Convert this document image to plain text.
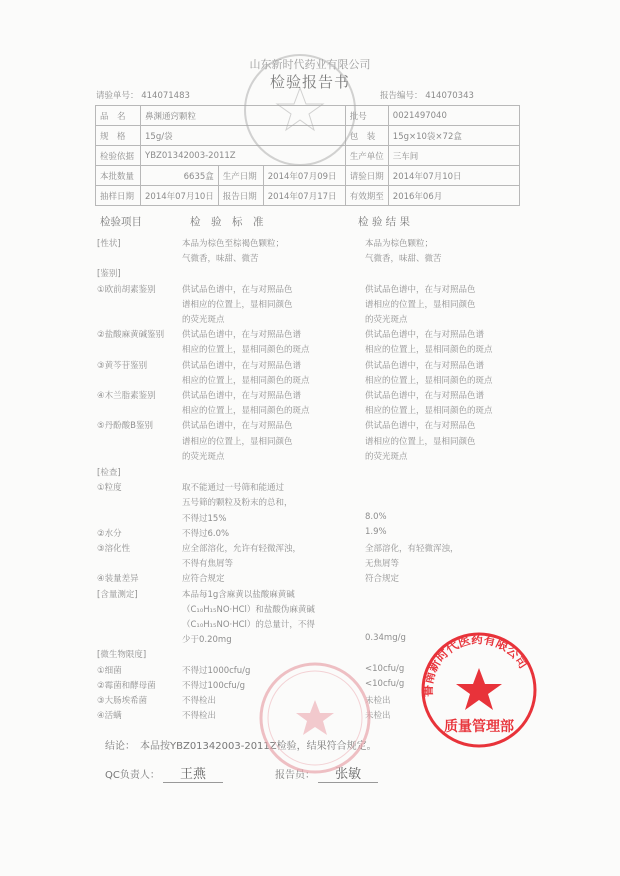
山东新时代药业有限公司
检验报告书
请验单号： 414071483	报告编号： 414070343
品　名	鼻渊通窍颗粒			批号	0021497040
规　格	15g/袋			包　装	15g×10袋×72盒
检验依据	YBZ01342003-2011Z			生产单位	三车间
本批数量	6635盒	生产日期	2014年07月09日	请验日期	2014年07月10日
抽样日期	2014年07月10日	报告日期	2014年07月17日	有效期至	2016年06月
检验项目	检　验　标　准	检 验 结 果
[性状]	本品为棕色至棕褐色颗粒；	本品为棕色颗粒；
气微香，味甜、微苦	气微香，味甜、微苦
[鉴别]
①欧前胡素鉴别	供试品色谱中，在与对照品色	供试品色谱中，在与对照品色
谱相应的位置上，显相同颜色	谱相应的位置上，显相同颜色
的荧光斑点	的荧光斑点
②盐酸麻黄碱鉴别 供试品色谱中，在与对照品色谱	供试品色谱中，在与对照品色谱
相应的位置上，显相同颜色的斑点	相应的位置上，显相同颜色的斑点
③黄芩苷鉴别	供试品色谱中，在与对照品色谱	供试品色谱中，在与对照品色谱
相应的位置上，显相同颜色的斑点	相应的位置上，显相同颜色的斑点
④木兰脂素鉴别	供试品色谱中，在与对照品色谱	供试品色谱中，在与对照品色谱
相应的位置上，显相同颜色的斑点	相应的位置上，显相同颜色的斑点
⑤丹酚酸B鉴别	供试品色谱中，在与对照品色	供试品色谱中，在与对照品色
谱相应的位置上，显相同颜色	谱相应的位置上，显相同颜色
的荧光斑点	的荧光斑点
[检查]
①粒度	取不能通过一号筛和能通过
五号筛的颗粒及粉末的总和，
不得过15%	8.0%
②水分	不得过6.0%	1.9%
③溶化性	应全部溶化，允许有轻微浑浊，	全部溶化，有轻微浑浊，
不得有焦屑等	无焦屑等
④装量差异	应符合规定	符合规定
[含量测定]	本品每1g含麻黄以盐酸麻黄碱
（C₁₀H₁₅NO·HCl）和盐酸伪麻黄碱
（C₁₀H₁₅NO·HCl）的总量计，不得
少于0.20mg	0.34mg/g
[微生物限度]
①细菌	不得过1000cfu/g	<10cfu/g
②霉菌和酵母菌	不得过100cfu/g	<10cfu/g
③大肠埃希菌	不得检出	未检出
④活螨	不得检出	未检出
结论：　本品按YBZ01342003-2011Z检验，结果符合规定。
QC负责人： 王燕	报告员： 张敏
鲁南新时代医药有限公司
质量管理部
